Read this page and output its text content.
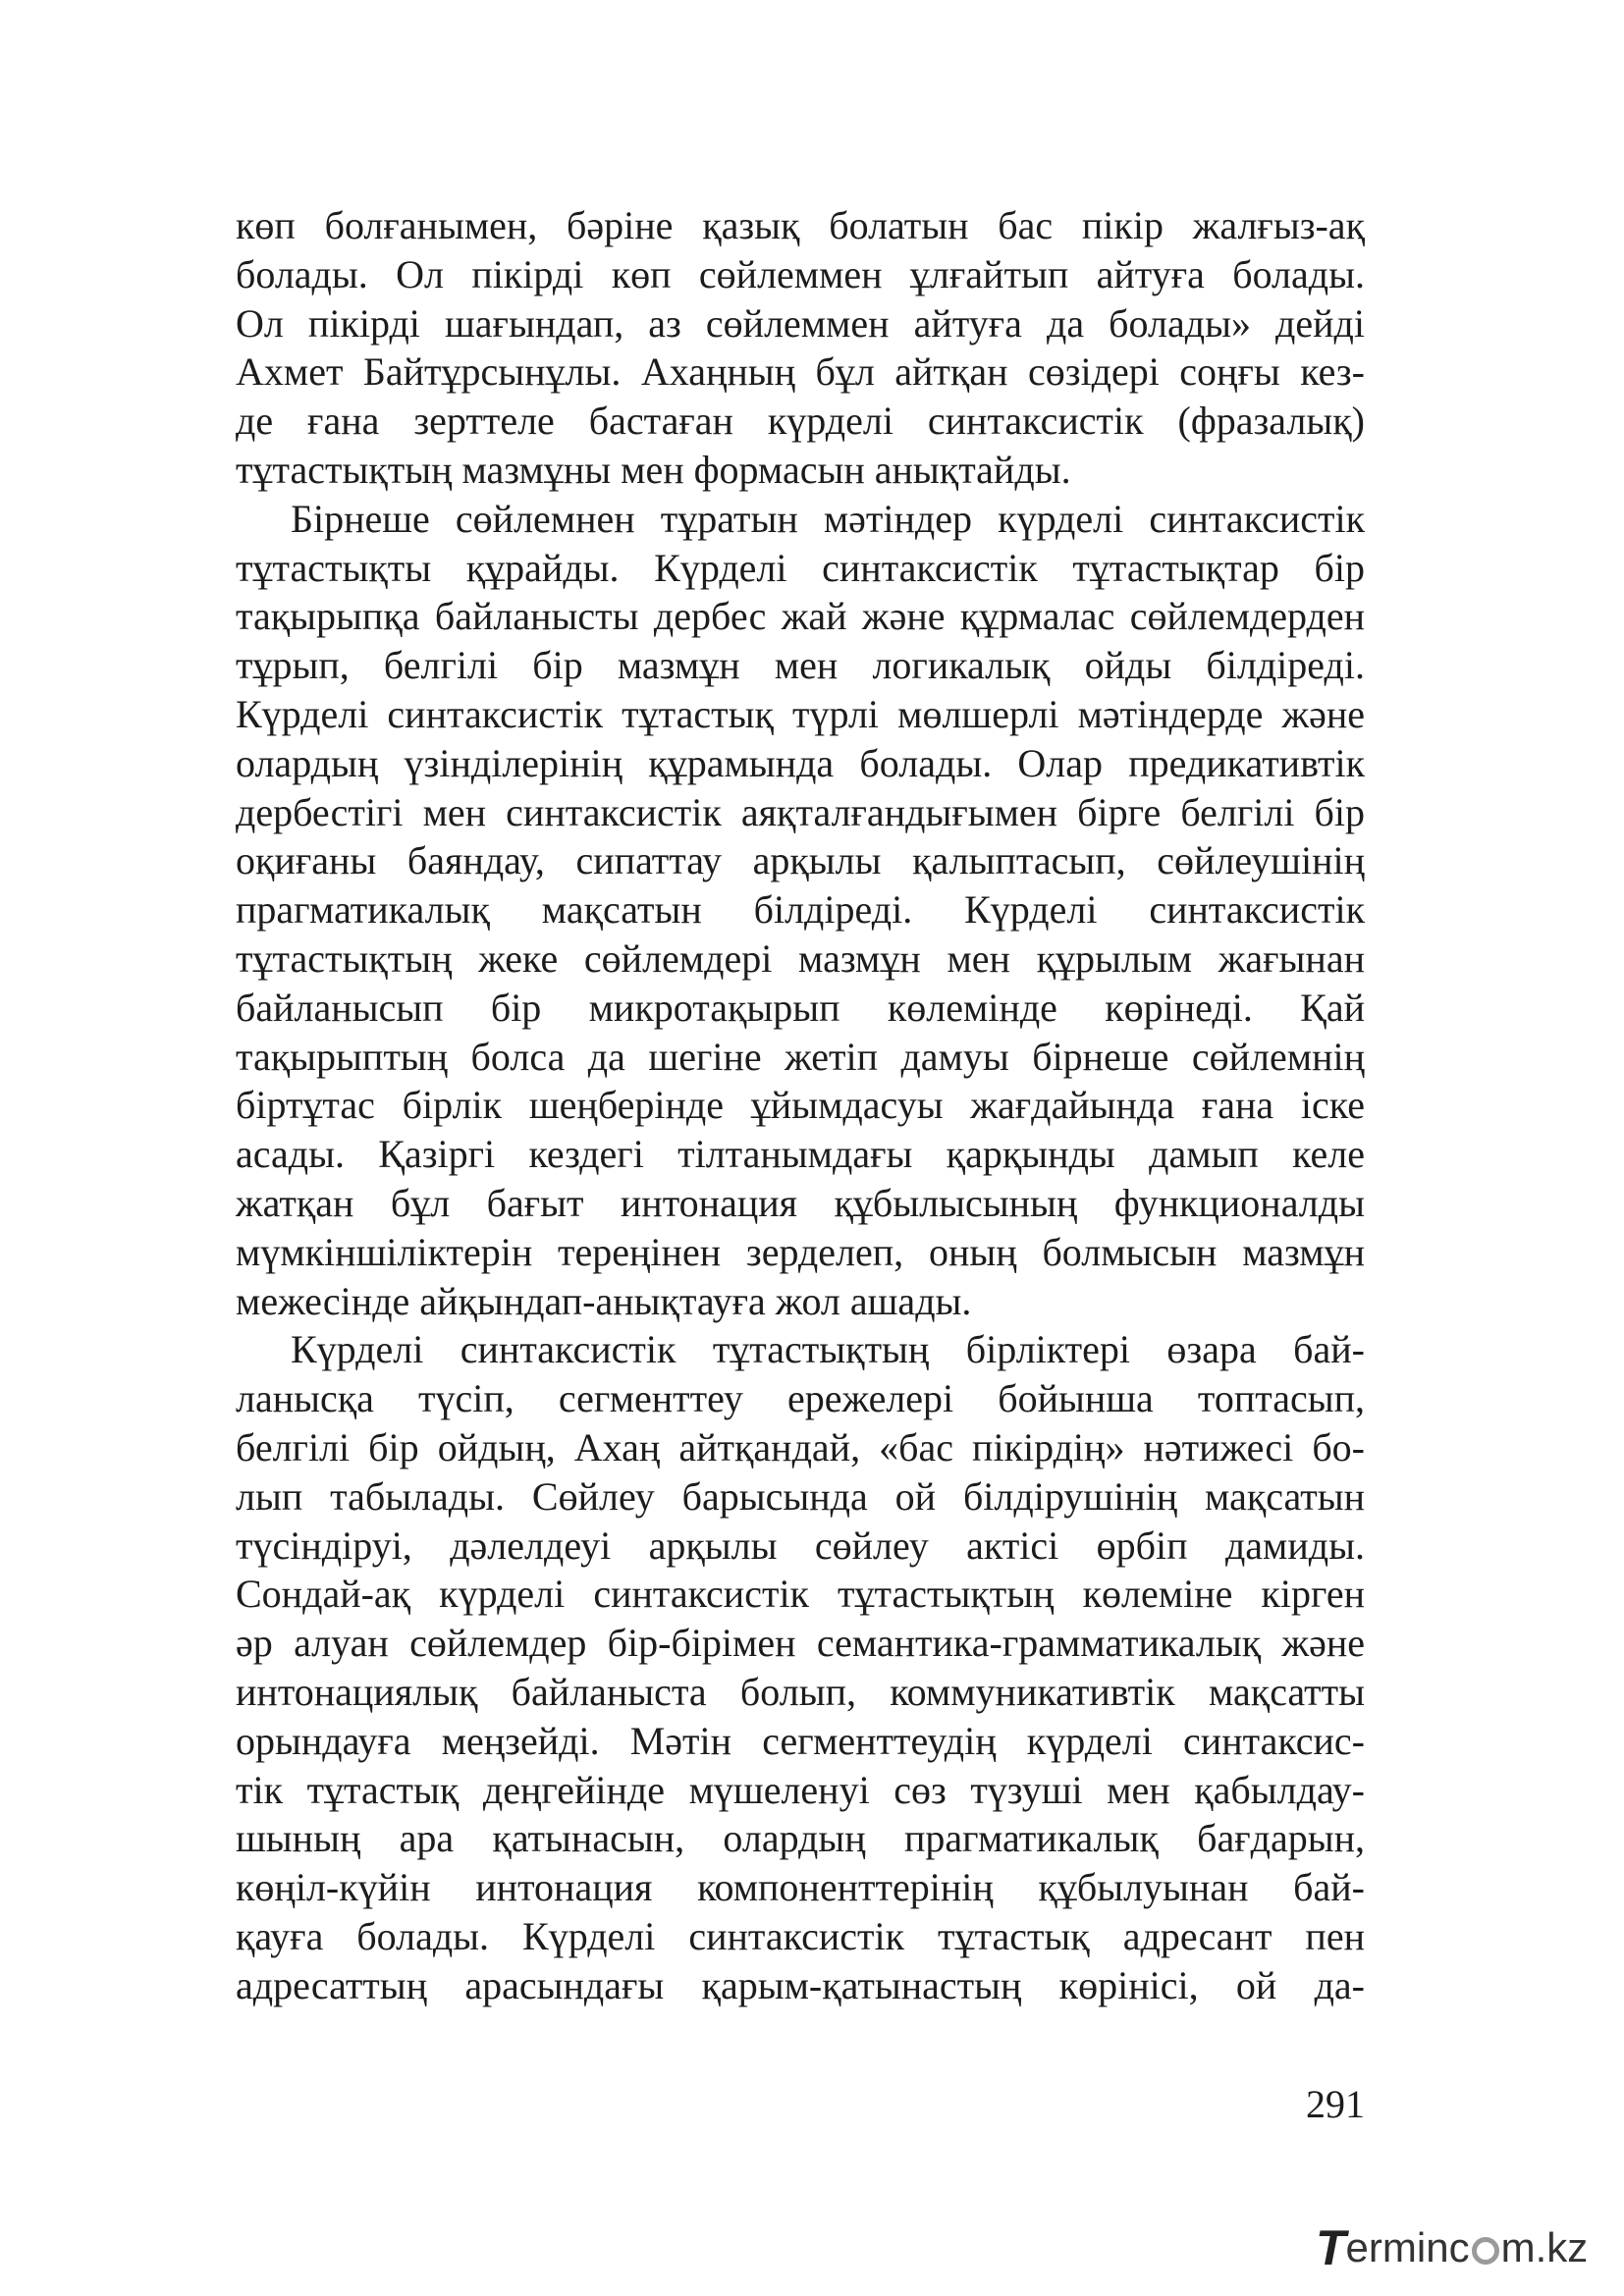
көп болғанымен, бәріне қазық болатын бас пікір жалғыз-ақ
болады. Ол пікірді көп сөйлеммен ұлғайтып айтуға болады.
Ол пікірді шағындап, аз сөйлеммен айтуға да болады» дейді
Ахмет Байтұрсынұлы. Ахаңның бұл айтқан сөзідері соңғы кез-
де ғана зерттеле бастаған күрделі синтаксистік (фразалық)
тұтастықтың мазмұны мен формасын анықтайды.
Бірнеше сөйлемнен тұратын мәтіндер күрделі синтаксистік
тұтастықты құрайды. Күрделі синтаксистік тұтастықтар бір
тақырыпқа байланысты дербес жай және құрмалас сөйлемдерден
тұрып, белгілі бір мазмұн мен логикалық ойды білдіреді.
Күрделі синтаксистік тұтастық түрлі мөлшерлі мәтіндерде және
олардың үзінділерінің құрамында болады. Олар предикативтік
дербестігі мен синтаксистік аяқталғандығымен бірге белгілі бір
оқиғаны баяндау, сипаттау арқылы қалыптасып, сөйлеушінің
прагматикалық мақсатын білдіреді. Күрделі синтаксистік
тұтастықтың жеке сөйлемдері мазмұн мен құрылым жағынан
байланысып бір микротақырып көлемінде көрінеді. Қай
тақырыптың болса да шегіне жетіп дамуы бірнеше сөйлемнің
біртұтас бірлік шеңберінде ұйымдасуы жағдайында ғана іске
асады. Қазіргі кездегі тілтанымдағы қарқынды дамып келе
жатқан бұл бағыт интонация құбылысының функционалды
мүмкіншіліктерін тереңінен зерделеп, оның болмысын мазмұн
межесінде айқындап-анықтауға жол ашады.
Күрделі синтаксистік тұтастықтың бірліктері өзара бай-
ланысқа түсіп, сегменттеу ережелері бойынша топтасып,
белгілі бір ойдың, Ахаң айтқандай, «бас пікірдің» нәтижесі бо-
лып табылады. Сөйлеу барысында ой білдірушінің мақсатын
түсіндіруі, дәлелдеуі арқылы сөйлеу актісі өрбіп дамиды.
Сондай-ақ күрделі синтаксистік тұтастықтың көлеміне кірген
әр алуан сөйлемдер бір-бірімен семантика-грамматикалық және
интонациялық байланыста болып, коммуникативтік мақсатты
орындауға меңзейді. Мәтін сегменттеудің күрделі синтаксис-
тік тұтастық деңгейінде мүшеленуі сөз түзуші мен қабылдау-
шының ара қатынасын, олардың прагматикалық бағдарын,
көңіл-күйін интонация компоненттерінің құбылуынан бай-
қауға болады. Күрделі синтаксистік тұтастық адресант пен
адресаттың арасындағы қарым-қатынастың көрінісі, ой да-
291
T erminc m.kz
